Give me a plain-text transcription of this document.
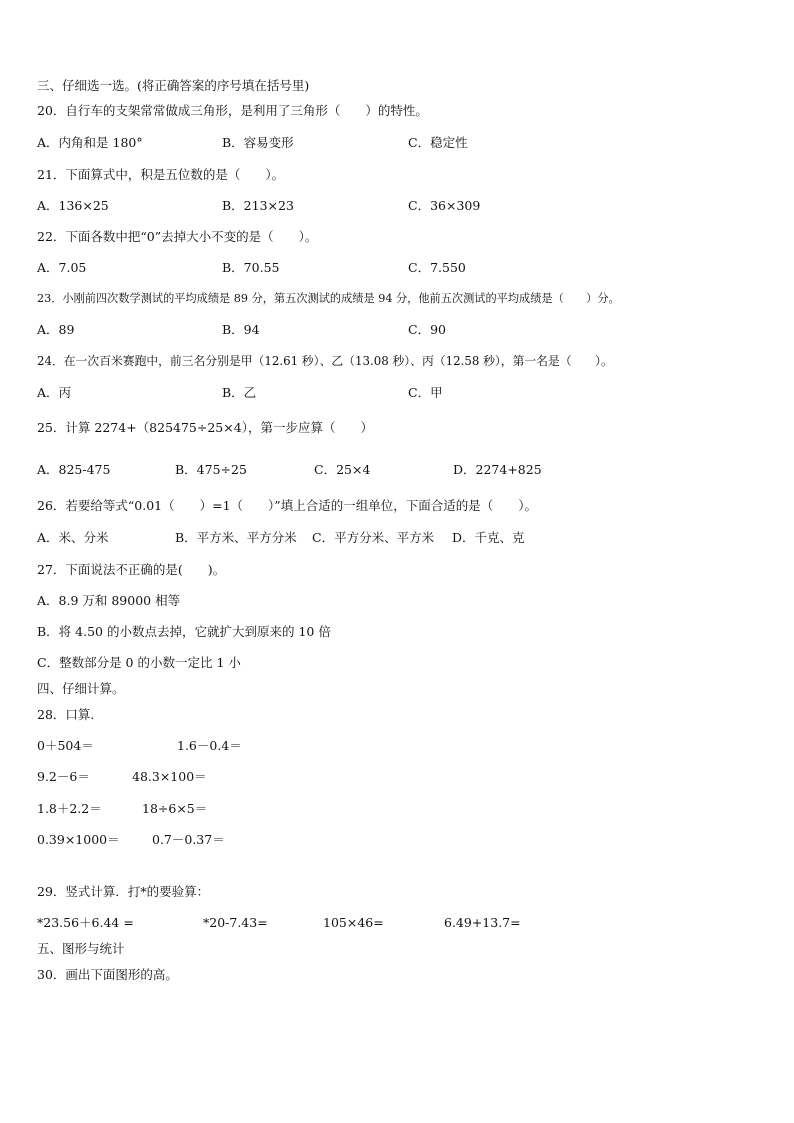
三、仔细选一选。(将正确答案的序号填在括号里)
20．自行车的支架常常做成三角形，是利用了三角形（　　）的特性。
A．内角和是 180°	B．容易变形	C．稳定性
21．下面算式中，积是五位数的是（　　）。
A．136×25	B．213×23	C．36×309
22．下面各数中把“0”去掉大小不变的是（　　）。
A．7.05	B．70.55	C．7.550
23．小刚前四次数学测试的平均成绩是 89 分，第五次测试的成绩是 94 分，他前五次测试的平均成绩是（　　）分。
A．89	B．94	C．90
24．在一次百米赛跑中，前三名分别是甲（12.61 秒）、乙（13.08 秒）、丙（12.58 秒），第一名是（　　）。
A．丙	B．乙	C．甲
25．计算 2274+（825475÷25×4），第一步应算（　　）
A．825-475	B．475÷25	C．25×4	D．2274+825
26．若要给等式“0.01（　　）=1（　　）”填上合适的一组单位，下面合适的是（　　）。
A．米、分米	B．平方米、平方分米 C．平方分米、平方米 D．千克、克
27．下面说法不正确的是(　　)。
A．8.9 万和 89000 相等
B．将 4.50 的小数点去掉，它就扩大到原来的 10 倍
C．整数部分是 0 的小数一定比 1 小
四、仔细计算。
28．口算.
0＋504＝	1.6－0.4＝
9.2－6＝	48.3×100＝
1.8＋2.2＝	18÷6×5＝
0.39×1000＝	0.7－0.37＝
29．竖式计算．打*的要验算：
*23.56＋6.44 =	*20-7.43=	105×46=	6.49+13.7=
五、图形与统计
30．画出下面图形的高。
